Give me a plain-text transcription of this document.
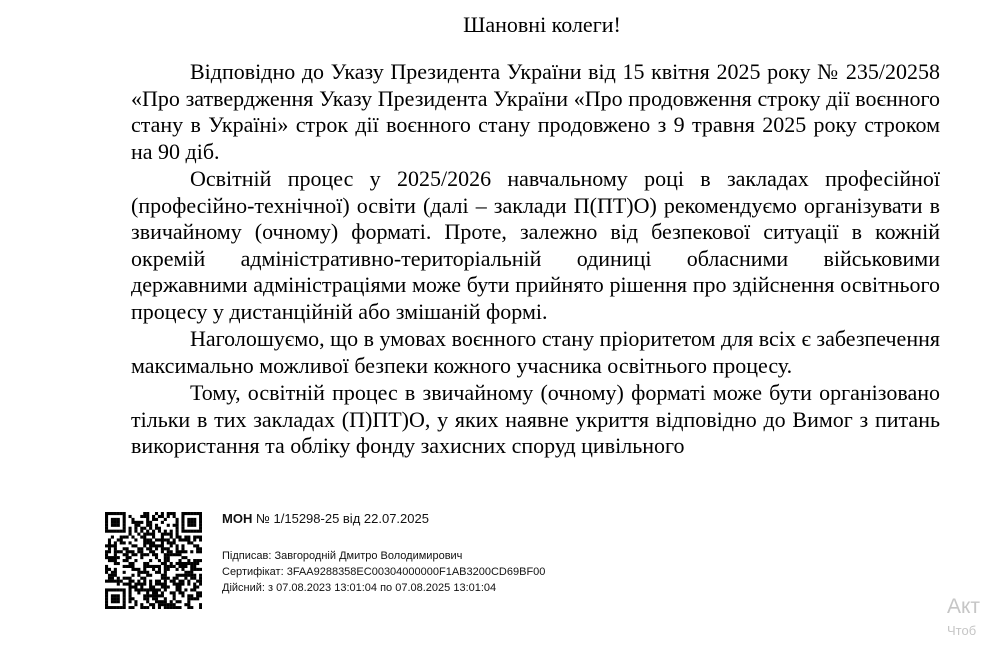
Шановні колеги!

Відповідно до Указу Президента України від 15 квітня 2025 року № 235/20258 «Про затвердження Указу Президента України «Про продовження строку дії воєнного стану в Україні» строк дії воєнного стану продовжено з 9 травня 2025 року строком на 90 діб.

Освітній процес у 2025/2026 навчальному році в закладах професійної (професійно-технічної) освіти (далі – заклади П(ПТ)О) рекомендуємо організувати в звичайному (очному) форматі. Проте, залежно від безпекової ситуації в кожній окремій адміністративно-територіальній одиниці обласними військовими державними адміністраціями може бути прийнято рішення про здійснення освітнього процесу у дистанційній або змішаній формі.

Наголошуємо, що в умовах воєнного стану пріоритетом для всіх є забезпечення максимально можливої безпеки кожного учасника освітнього процесу.

Тому, освітній процес в звичайному (очному) форматі може бути організовано тільки в тих закладах (П)ПТ)О, у яких наявне укриття відповідно до Вимог з питань використання та обліку фонду захисних споруд цивільного

МОН № 1/15298-25 від 22.07.2025
Підписав: Завгородній Дмитро Володимирович
Сертифікат: 3FAA9288358EC00304000000F1AB3200CD69BF00
Дійсний: з 07.08.2023 13:01:04 по 07.08.2025 13:01:04
Акт
Чтоб
